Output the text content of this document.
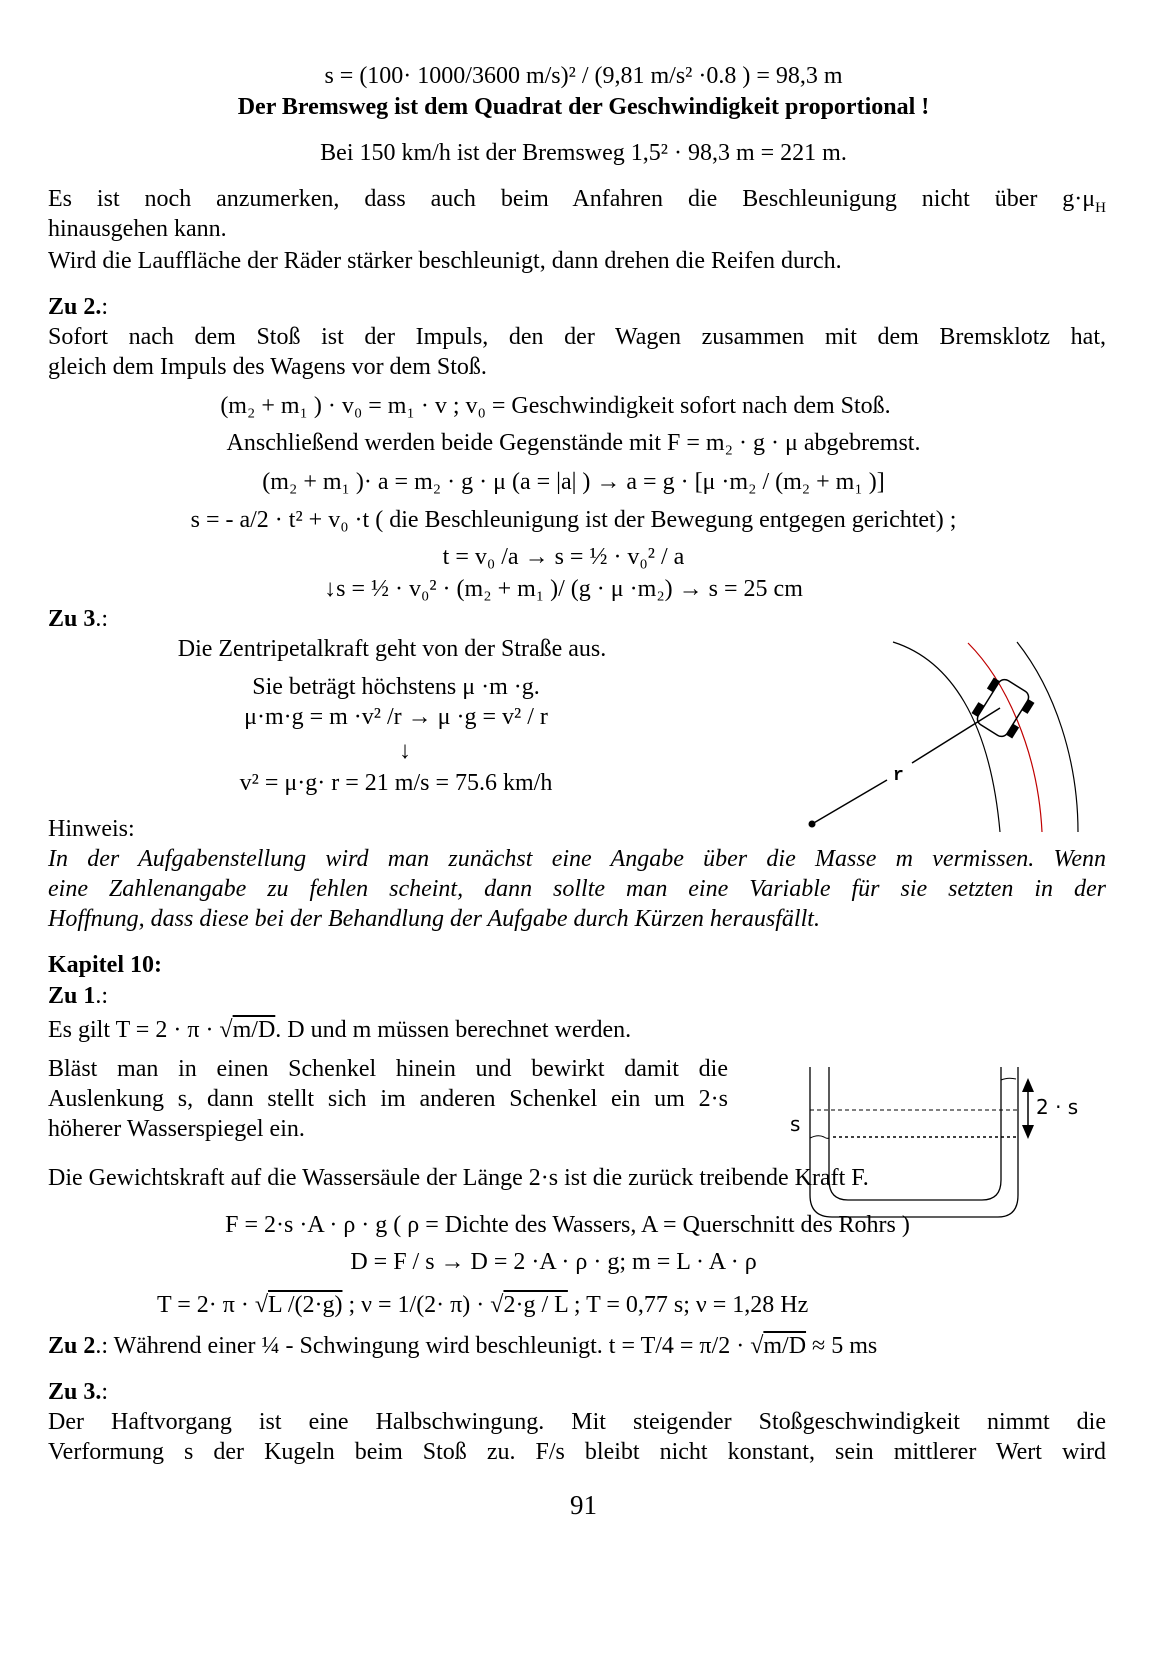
s = (100· 1000/3600 m/s)² / (9,81 m/s² ·0.8 ) = 98,3 m
Der Bremsweg ist dem Quadrat der Geschwindigkeit proportional !
Bei 150 km/h ist der Bremsweg 1,5² · 98,3 m = 221 m.
Es ist noch anzumerken, dass auch beim Anfahren die Beschleunigung nicht über $g\cdot\mu_H$
hinausgehen kann.
Wird die Lauffläche der Räder stärker beschleunigt, dann drehen die Reifen durch.
Zu 2.:
Sofort nach dem Stoß ist der Impuls, den der Wagen zusammen mit dem Bremsklotz hat,
gleich dem Impuls des Wagens vor dem Stoß.
(m₂ + m₁ ) · v₀ = m₁ · v ; v₀ = Geschwindigkeit sofort nach dem Stoß.
Anschließend werden beide Gegenstände mit F = m₂ · g · μ abgebremst.
(m₂ + m₁ )· a = m₂ · g · μ (a = |a| ) → a = g · [μ ·m₂ / (m₂ + m₁ )]
s = - a/2 · t² + v₀ ·t ( die Beschleunigung ist der Bewegung entgegen gerichtet) ;
t = v₀ /a → s = ½ · v₀² / a
↓s = ½ · v₀² · (m₂ + m₁ )/ (g · μ ·m₂) → s = 25 cm
Zu 3.:
Die Zentripetalkraft geht von der Straße aus.
Sie beträgt höchstens μ ·m ·g.
μ·m·g = m ·v² /r → μ ·g = v² / r
↓
v² = μ·g· r = 21 m/s = 75.6 km/h	r
Hinweis:
In der Aufgabenstellung wird man zunächst eine Angabe über die Masse m vermissen. Wenn
eine Zahlenangabe zu fehlen scheint, dann sollte man eine Variable für sie setzten in der
Hoffnung, dass diese bei der Behandlung der Aufgabe durch Kürzen herausfällt.
Kapitel 10:
Zu 1.:
Es gilt T = 2 · π · √m/D. D und m müssen berechnet werden.
Bläst man in einen Schenkel hinein und bewirkt damit die
Auslenkung s, dann stellt sich im anderen Schenkel ein um 2·s
höherer Wasserspiegel ein.	s
2 · s
Die Gewichtskraft auf die Wassersäule der Länge 2·s ist die zurück treibende Kraft F.
F = 2·s ·A · ρ · g ( ρ = Dichte des Wassers, A = Querschnitt des Rohrs )
D = F / s → D = 2 ·A · ρ · g; m = L · A · ρ
T = 2· π · √L /(2·g) ; ν = 1/(2· π) · √2·g / L ; T = 0,77 s; ν = 1,28 Hz
Zu 2.: Während einer ¼ - Schwingung wird beschleunigt. t = T/4 = π/2 · √m/D ≈ 5 ms
Zu 3.:
Der Haftvorgang ist eine Halbschwingung. Mit steigender Stoßgeschwindigkeit nimmt die
Verformung s der Kugeln beim Stoß zu. F/s bleibt nicht konstant, sein mittlerer Wert wird
91
